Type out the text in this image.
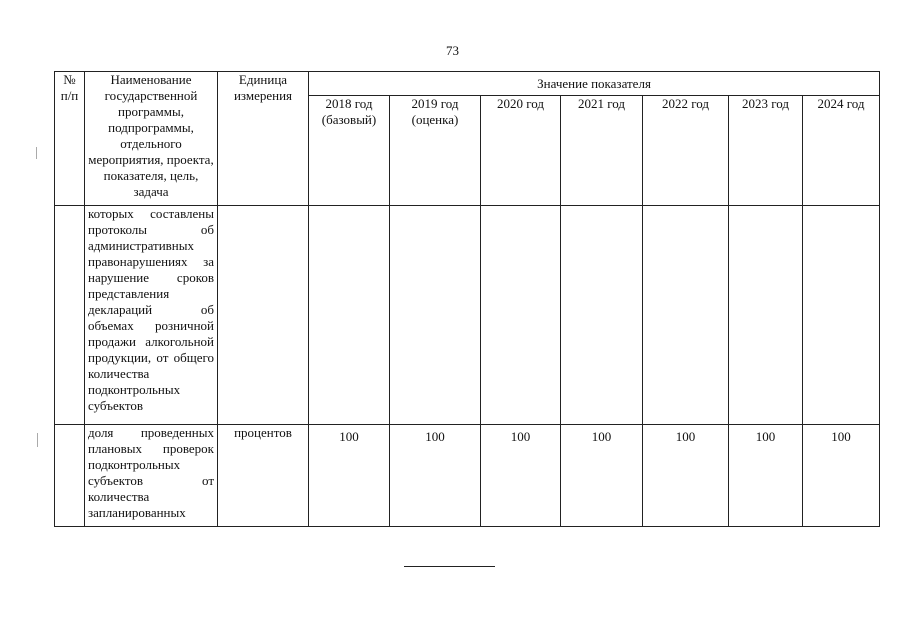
73
№ п/п	Наименование государственной программы, подпрограммы, отдельного мероприятия, проекта, показателя, цель, задача	Единица измерения	Значение показателя						
			2018 год (базовый)	2019 год (оценка)	2020 год	2021 год	2022 год	2023 год	2024 год
	которых составлены протоколы об административных правонарушениях за нарушение сроков представления деклараций об объемах розничной продажи алкогольной продукции, от общего количества подконтрольных субъектов								
	доля проведенных плановых проверок подконтрольных субъектов от количества запланированных	процентов	100	100	100	100	100	100	100
